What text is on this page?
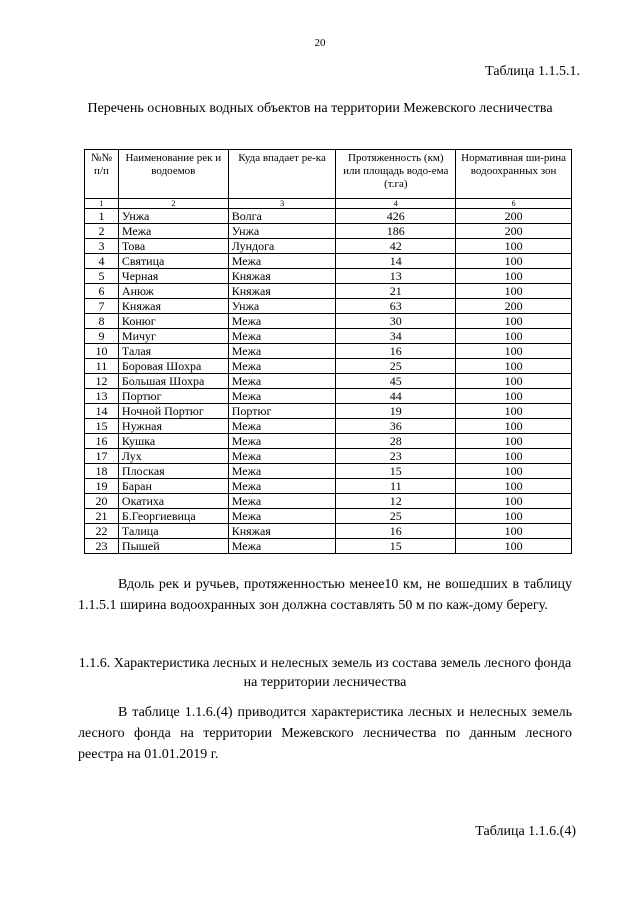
20
Таблица 1.1.5.1.
Перечень основных водных объектов на территории Межевского лесничества
№№ п/п	Наименование рек и водоемов	Куда впадает ре-ка	Протяженность (км) или площадь водо-ема (т.га)	Нормативная ши-рина водоохранных зон
1	2	3	4	6
1	Унжа	Волга	426	200
2	Межа	Унжа	186	200
3	Това	Лундога	42	100
4	Святица	Межа	14	100
5	Черная	Княжая	13	100
6	Анюж	Княжая	21	100
7	Княжая	Унжа	63	200
8	Конюг	Межа	30	100
9	Мичуг	Межа	34	100
10	Талая	Межа	16	100
11	Боровая Шохра	Межа	25	100
12	Большая Шохра	Межа	45	100
13	Портюг	Межа	44	100
14	Ночной Портюг	Портюг	19	100
15	Нужная	Межа	36	100
16	Кушка	Межа	28	100
17	Лух	Межа	23	100
18	Плоская	Межа	15	100
19	Баран	Межа	11	100
20	Окатиха	Межа	12	100
21	Б.Георгиевица	Межа	25	100
22	Талица	Княжая	16	100
23	Пышей	Межа	15	100
Вдоль рек и ручьев, протяженностью менее10 км, не вошедших в таблицу 1.1.5.1 ширина водоохранных зон должна составлять 50 м по каж-дому берегу.
1.1.6. Характеристика лесных и нелесных земель из состава земель лесного фонда на территории лесничества
В таблице 1.1.6.(4) приводится характеристика лесных и нелесных земель лесного фонда на территории Межевского лесничества по данным лесного реестра на 01.01.2019 г.
Таблица 1.1.6.(4)
